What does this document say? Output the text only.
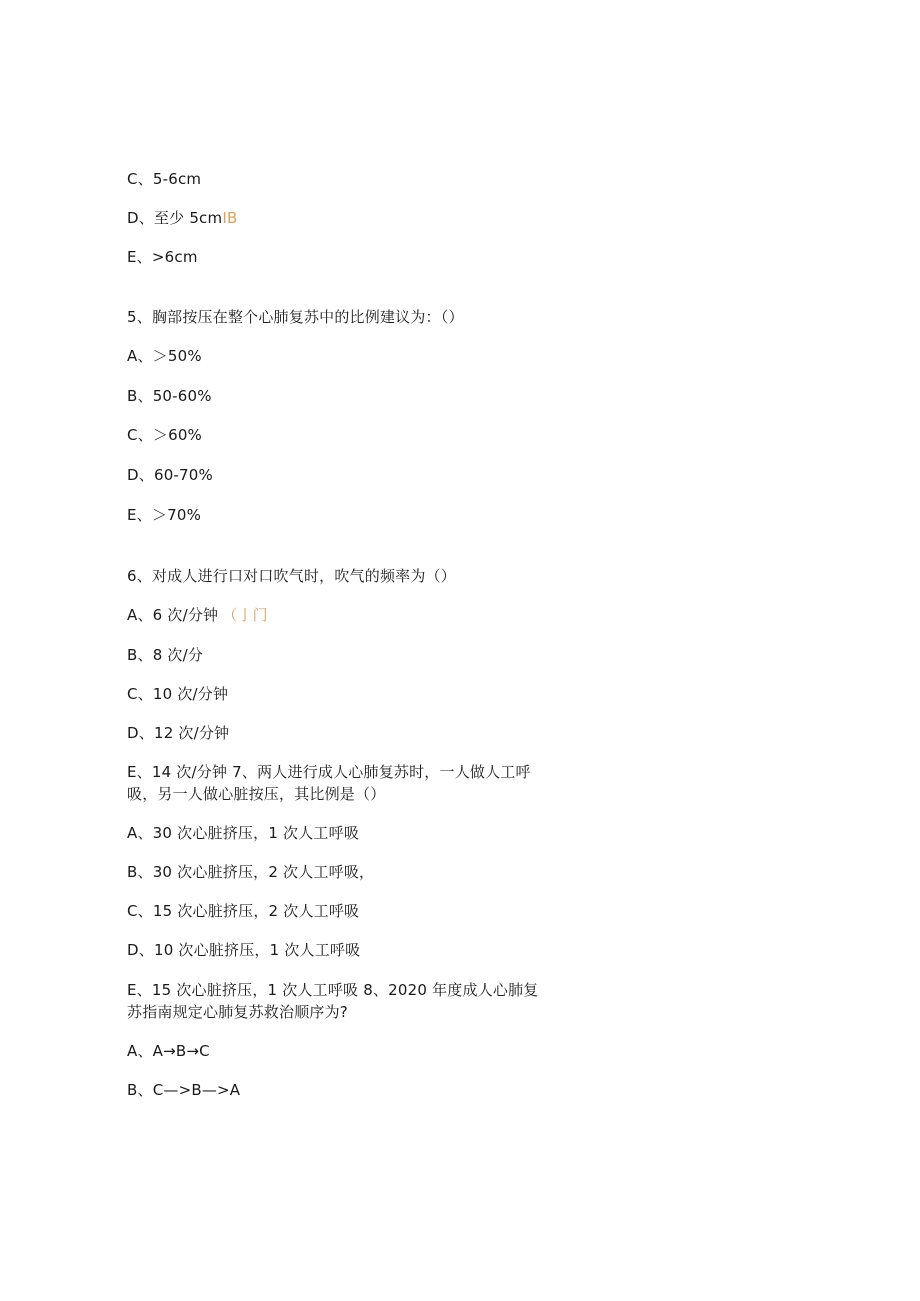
C、5-6cm
D、至少 5cmIB
E、>6cm
5、胸部按压在整个心肺复苏中的比例建议为：（）
A、＞50%
B、50-60%
C、＞60%
D、60-70%
E、＞70%
6、对成人进行口对口吹气时，吹气的频率为（）
A、6 次/分钟 （亅门
B、8 次/分
C、10 次/分钟
D、12 次/分钟
E、14 次/分钟 7、两人进行成人心肺复苏时，一人做人工呼
吸，另一人做心脏按压，其比例是（）
A、30 次心脏挤压，1 次人工呼吸
B、30 次心脏挤压，2 次人工呼吸，
C、15 次心脏挤压，2 次人工呼吸
D、10 次心脏挤压，1 次人工呼吸
E、15 次心脏挤压，1 次人工呼吸 8、2020 年度成人心肺复
苏指南规定心肺复苏救治顺序为?
A、A→B→C
B、C—>B—>A
